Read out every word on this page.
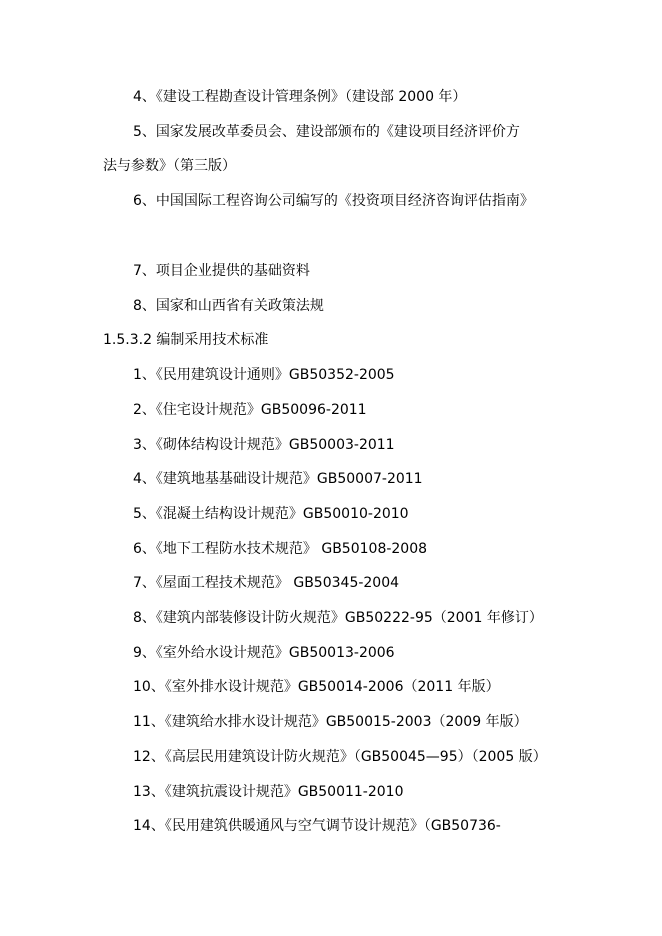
4、《建设工程勘查设计管理条例》（建设部 2000 年）
5、国家发展改革委员会、建设部颁布的《建设项目经济评价方
法与参数》（第三版）
6、中国国际工程咨询公司编写的《投资项目经济咨询评估指南》
7、项目企业提供的基础资料
8、国家和山西省有关政策法规
1.5.3.2 编制采用技术标准
1、《民用建筑设计通则》GB50352-2005
2、《住宅设计规范》GB50096-2011
3、《砌体结构设计规范》GB50003-2011
4、《建筑地基基础设计规范》GB50007-2011
5、《混凝土结构设计规范》GB50010-2010
6、《地下工程防水技术规范》 GB50108-2008
7、《屋面工程技术规范》 GB50345-2004
8、《建筑内部装修设计防火规范》GB50222-95（2001 年修订）
9、《室外给水设计规范》GB50013-2006
10、《室外排水设计规范》GB50014-2006（2011 年版）
11、《建筑给水排水设计规范》GB50015-2003（2009 年版）
12、《高层民用建筑设计防火规范》（GB50045—95）（2005 版）
13、《建筑抗震设计规范》GB50011-2010
14、《民用建筑供暖通风与空气调节设计规范》（GB50736-
